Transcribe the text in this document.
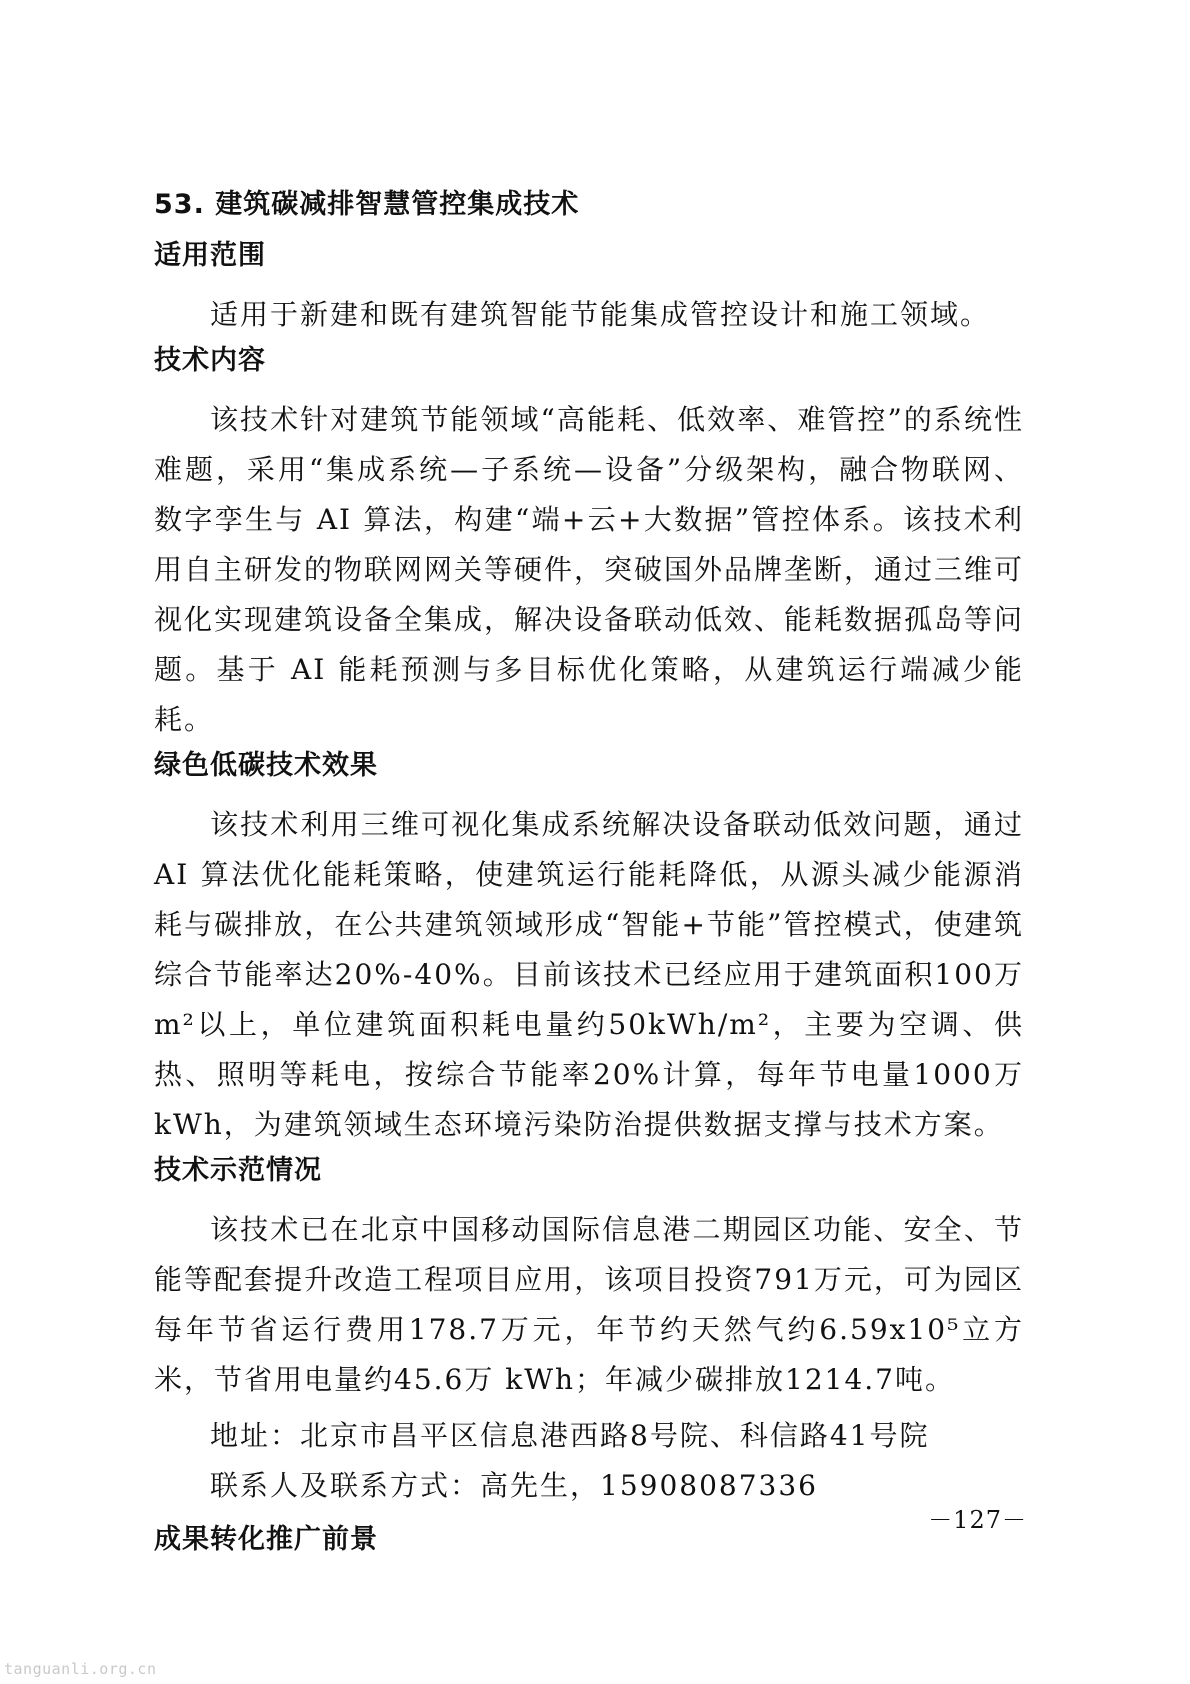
53. 建筑碳减排智慧管控集成技术
适用范围
适用于新建和既有建筑智能节能集成管控设计和施工领域。
技术内容
该技术针对建筑节能领域“高能耗、低效率、难管控”的系统性难题，采用“集成系统—子系统—设备”分级架构，融合物联网、数字孪生与 AI 算法，构建“端+云+大数据”管控体系。该技术利用自主研发的物联网网关等硬件，突破国外品牌垄断，通过三维可视化实现建筑设备全集成，解决设备联动低效、能耗数据孤岛等问题。基于 AI 能耗预测与多目标优化策略，从建筑运行端减少能耗。
绿色低碳技术效果
该技术利用三维可视化集成系统解决设备联动低效问题，通过AI 算法优化能耗策略，使建筑运行能耗降低，从源头减少能源消耗与碳排放，在公共建筑领域形成“智能+节能”管控模式，使建筑综合节能率达20%-40%。目前该技术已经应用于建筑面积100万 m²以上，单位建筑面积耗电量约50kWh/m²，主要为空调、供热、照明等耗电，按综合节能率20%计算，每年节电量1000万 kWh，为建筑领域生态环境污染防治提供数据支撑与技术方案。
技术示范情况
该技术已在北京中国移动国际信息港二期园区功能、安全、节能等配套提升改造工程项目应用，该项目投资791万元，可为园区每年节省运行费用178.7万元，年节约天然气约6.59x10⁵立方米，节省用电量约45.6万 kWh；年减少碳排放1214.7吨。
地址：北京市昌平区信息港西路8号院、科信路41号院
联系人及联系方式：高先生，15908087336
成果转化推广前景
－127－
tanguanli.org.cn
